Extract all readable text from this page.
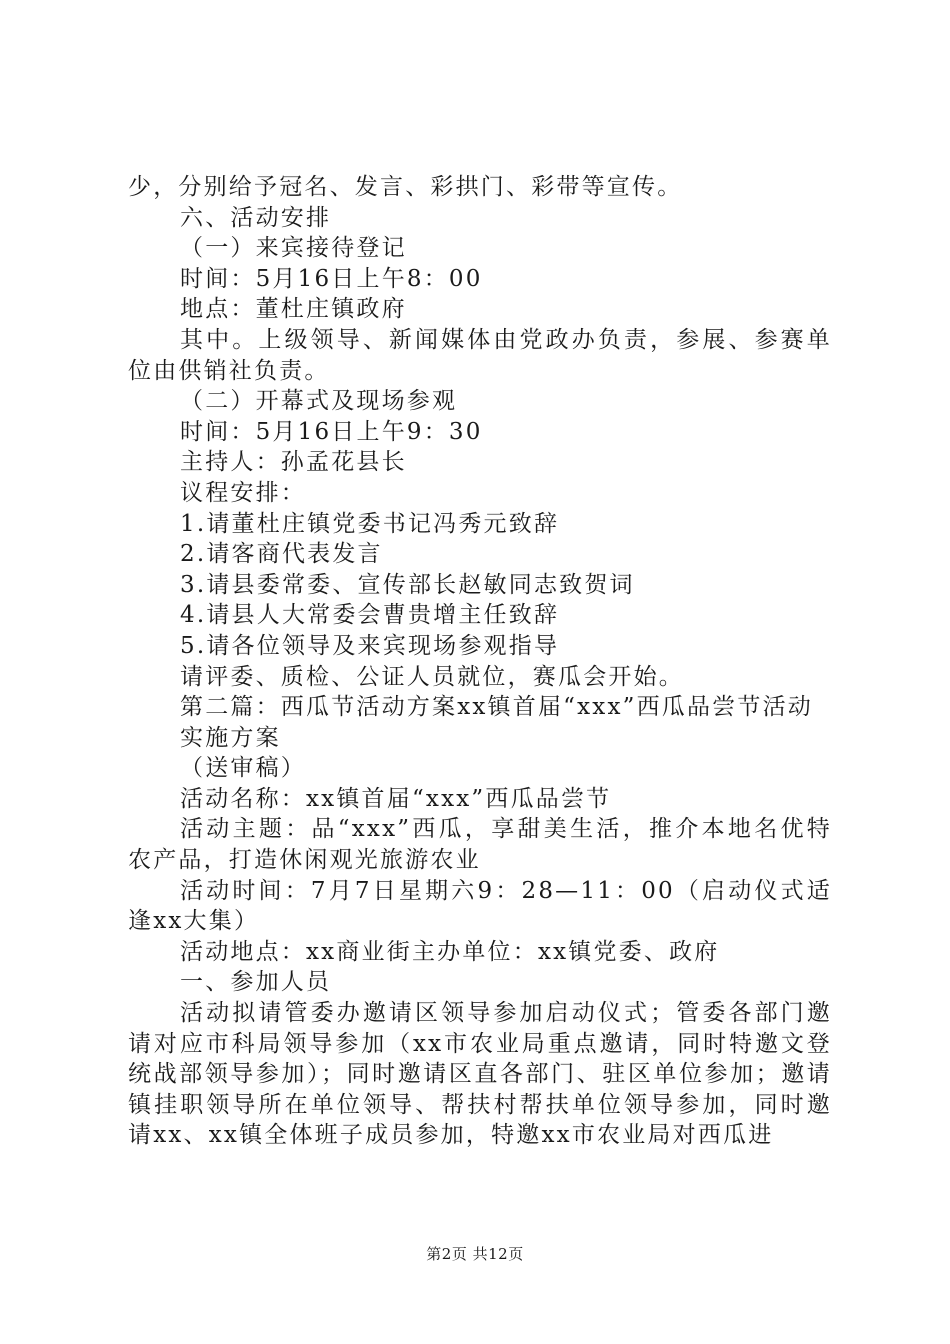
少，分别给予冠名、发言、彩拱门、彩带等宣传。

六、活动安排

（一）来宾接待登记

时间：5月16日上午8：00

地点：董杜庄镇政府

其中。上级领导、新闻媒体由党政办负责，参展、参赛单位由供销社负责。

（二）开幕式及现场参观

时间：5月16日上午9：30

主持人：孙孟花县长

议程安排：

1.请董杜庄镇党委书记冯秀元致辞

2.请客商代表发言

3.请县委常委、宣传部长赵敏同志致贺词

4.请县人大常委会曹贵增主任致辞

5.请各位领导及来宾现场参观指导

请评委、质检、公证人员就位，赛瓜会开始。

第二篇：西瓜节活动方案xx镇首届“xxx”西瓜品尝节活动

实施方案

（送审稿）

活动名称：xx镇首届“xxx”西瓜品尝节

活动主题：品“xxx”西瓜，享甜美生活，推介本地名优特农产品，打造休闲观光旅游农业

活动时间：7月7日星期六9：28—11：00（启动仪式适逢xx大集）

活动地点：xx商业街主办单位：xx镇党委、政府

一、参加人员

活动拟请管委办邀请区领导参加启动仪式；管委各部门邀请对应市科局领导参加（xx市农业局重点邀请，同时特邀文登统战部领导参加）；同时邀请区直各部门、驻区单位参加；邀请镇挂职领导所在单位领导、帮扶村帮扶单位领导参加，同时邀请xx、xx镇全体班子成员参加，特邀xx市农业局对西瓜进

第2页 共12页
